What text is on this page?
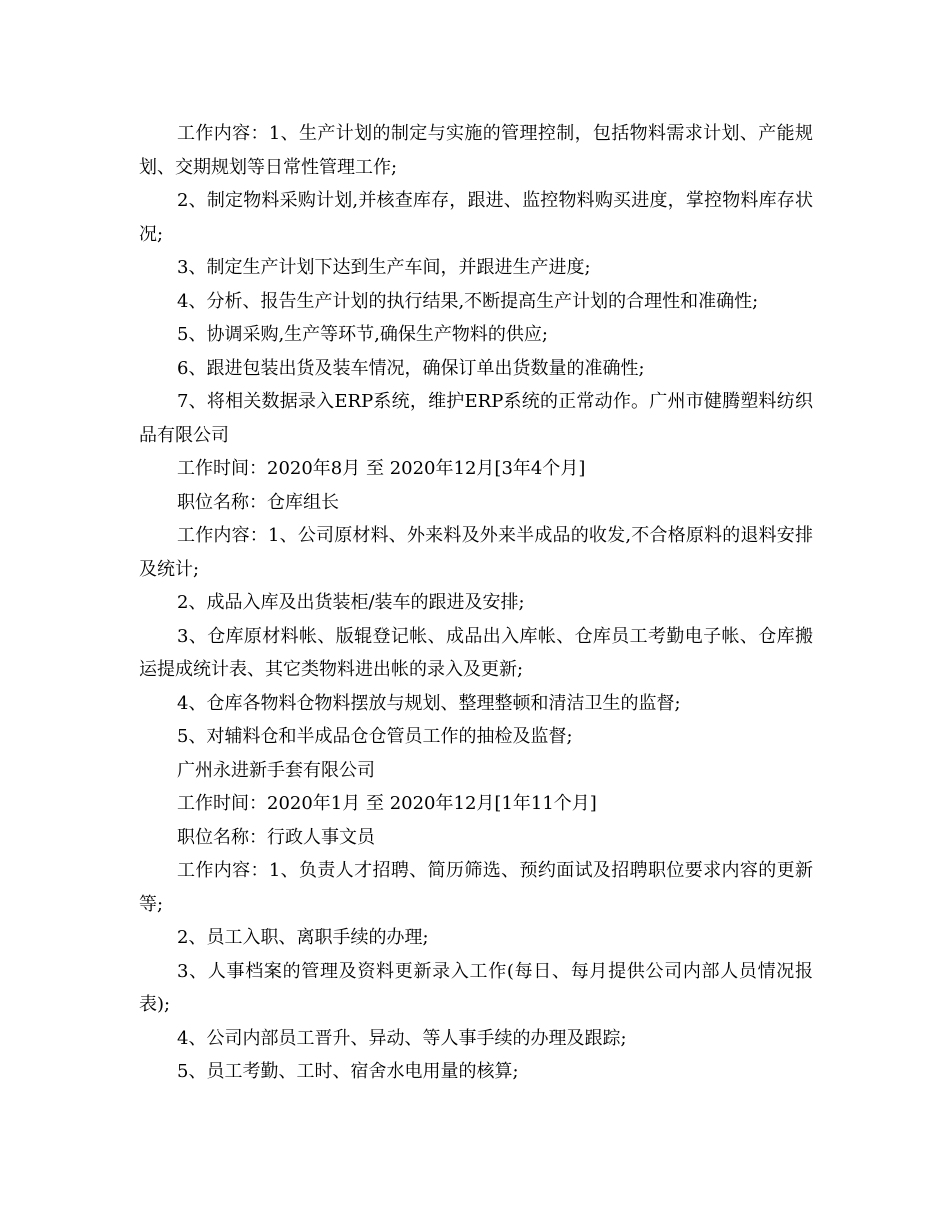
工作内容：1、生产计划的制定与实施的管理控制，包括物料需求计划、产能规划、交期规划等日常性管理工作;

2、制定物料采购计划,并核查库存，跟进、监控物料购买进度，掌控物料库存状况;

3、制定生产计划下达到生产车间，并跟进生产进度;

4、分析、报告生产计划的执行结果,不断提高生产计划的合理性和准确性;

5、协调采购,生产等环节,确保生产物料的供应;

6、跟进包装出货及装车情况，确保订单出货数量的准确性;

7、将相关数据录入ERP系统，维护ERP系统的正常动作。广州市健腾塑料纺织品有限公司

工作时间：2020年8月 至 2020年12月[3年4个月]

职位名称：仓库组长

工作内容：1、公司原材料、外来料及外来半成品的收发,不合格原料的退料安排及统计;

2、成品入库及出货装柜/装车的跟进及安排;

3、仓库原材料帐、版辊登记帐、成品出入库帐、仓库员工考勤电子帐、仓库搬运提成统计表、其它类物料进出帐的录入及更新;

4、仓库各物料仓物料摆放与规划、整理整顿和清洁卫生的监督;

5、对辅料仓和半成品仓仓管员工作的抽检及监督;

广州永进新手套有限公司

工作时间：2020年1月 至 2020年12月[1年11个月]

职位名称：行政人事文员

工作内容：1、负责人才招聘、简历筛选、预约面试及招聘职位要求内容的更新等;

2、员工入职、离职手续的办理;

3、人事档案的管理及资料更新录入工作(每日、每月提供公司内部人员情况报表);

4、公司内部员工晋升、异动、等人事手续的办理及跟踪;

5、员工考勤、工时、宿舍水电用量的核算;
